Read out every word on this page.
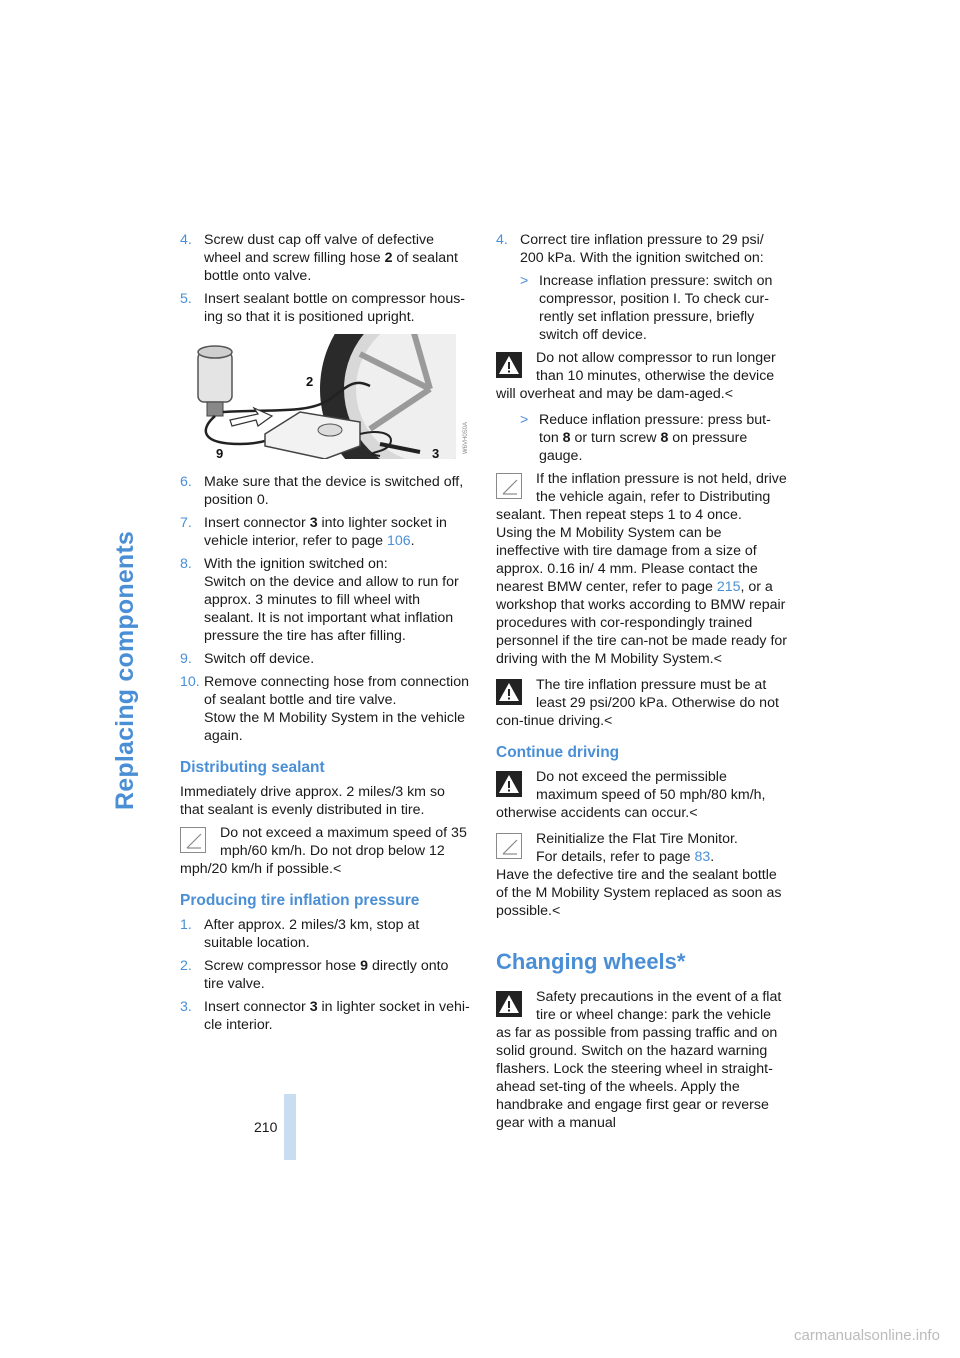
Replacing components
210
carmanualsonline.info
4. Screw dust cap off valve of defective wheel and screw filling hose 2 of sealant bottle onto valve.
5. Insert sealant bottle on compressor hous-ing so that it is positioned upright.
2
9	3	W6VH0S0A
6. Make sure that the device is switched off, position 0.
7. Insert connector 3 into lighter socket in vehicle interior, refer to page 106.
8. With the ignition switched on:
Switch on the device and allow to run for approx. 3 minutes to fill wheel with sealant. It is not important what inflation pressure the tire has after filling.
9. Switch off device.
10. Remove connecting hose from connection of sealant bottle and tire valve.
Stow the M Mobility System in the vehicle again.
Distributing sealant

Immediately drive approx. 2 miles/3 km so that sealant is evenly distributed in tire.

Do not exceed a maximum speed of 35 mph/60 km/h. Do not drop below 12 mph/20 km/h if possible.<
Producing tire inflation pressure
1. After approx. 2 miles/3 km, stop at suitable location.
2. Screw compressor hose 9 directly onto tire valve.
3. Insert connector 3 in lighter socket in vehi-cle interior.
4. Correct tire inflation pressure to 29 psi/ 200 kPa. With the ignition switched on:
> Increase inflation pressure: switch on compressor, position I. To check cur-rently set inflation pressure, briefly switch off device.
Do not allow compressor to run longer than 10 minutes, otherwise the device will overheat and may be dam-aged.<
> Reduce inflation pressure: press but-ton 8 or turn screw 8 on pressure gauge.
If the inflation pressure is not held, drive the vehicle again, refer to Distributing sealant. Then repeat steps 1 to 4 once.
Using the M Mobility System can be ineffective with tire damage from a size of approx. 0.16 in/ 4 mm. Please contact the nearest BMW center, refer to page 215, or a workshop that works according to BMW repair procedures with cor-respondingly trained personnel if the tire can-not be made ready for driving with the M Mobility System.<
The tire inflation pressure must be at least 29 psi/200 kPa. Otherwise do not con-tinue driving.<
Continue driving
Do not exceed the permissible maximum speed of 50 mph/80 km/h, otherwise accidents can occur.<
Reinitialize the Flat Tire Monitor.
For details, refer to page 83.
Have the defective tire and the sealant bottle of the M Mobility System replaced as soon as possible.<
Changing wheels*
Safety precautions in the event of a flat tire or wheel change: park the vehicle as far as possible from passing traffic and on solid ground. Switch on the hazard warning flashers. Lock the steering wheel in straight-ahead set-ting of the wheels. Apply the handbrake and engage first gear or reverse gear with a manual
